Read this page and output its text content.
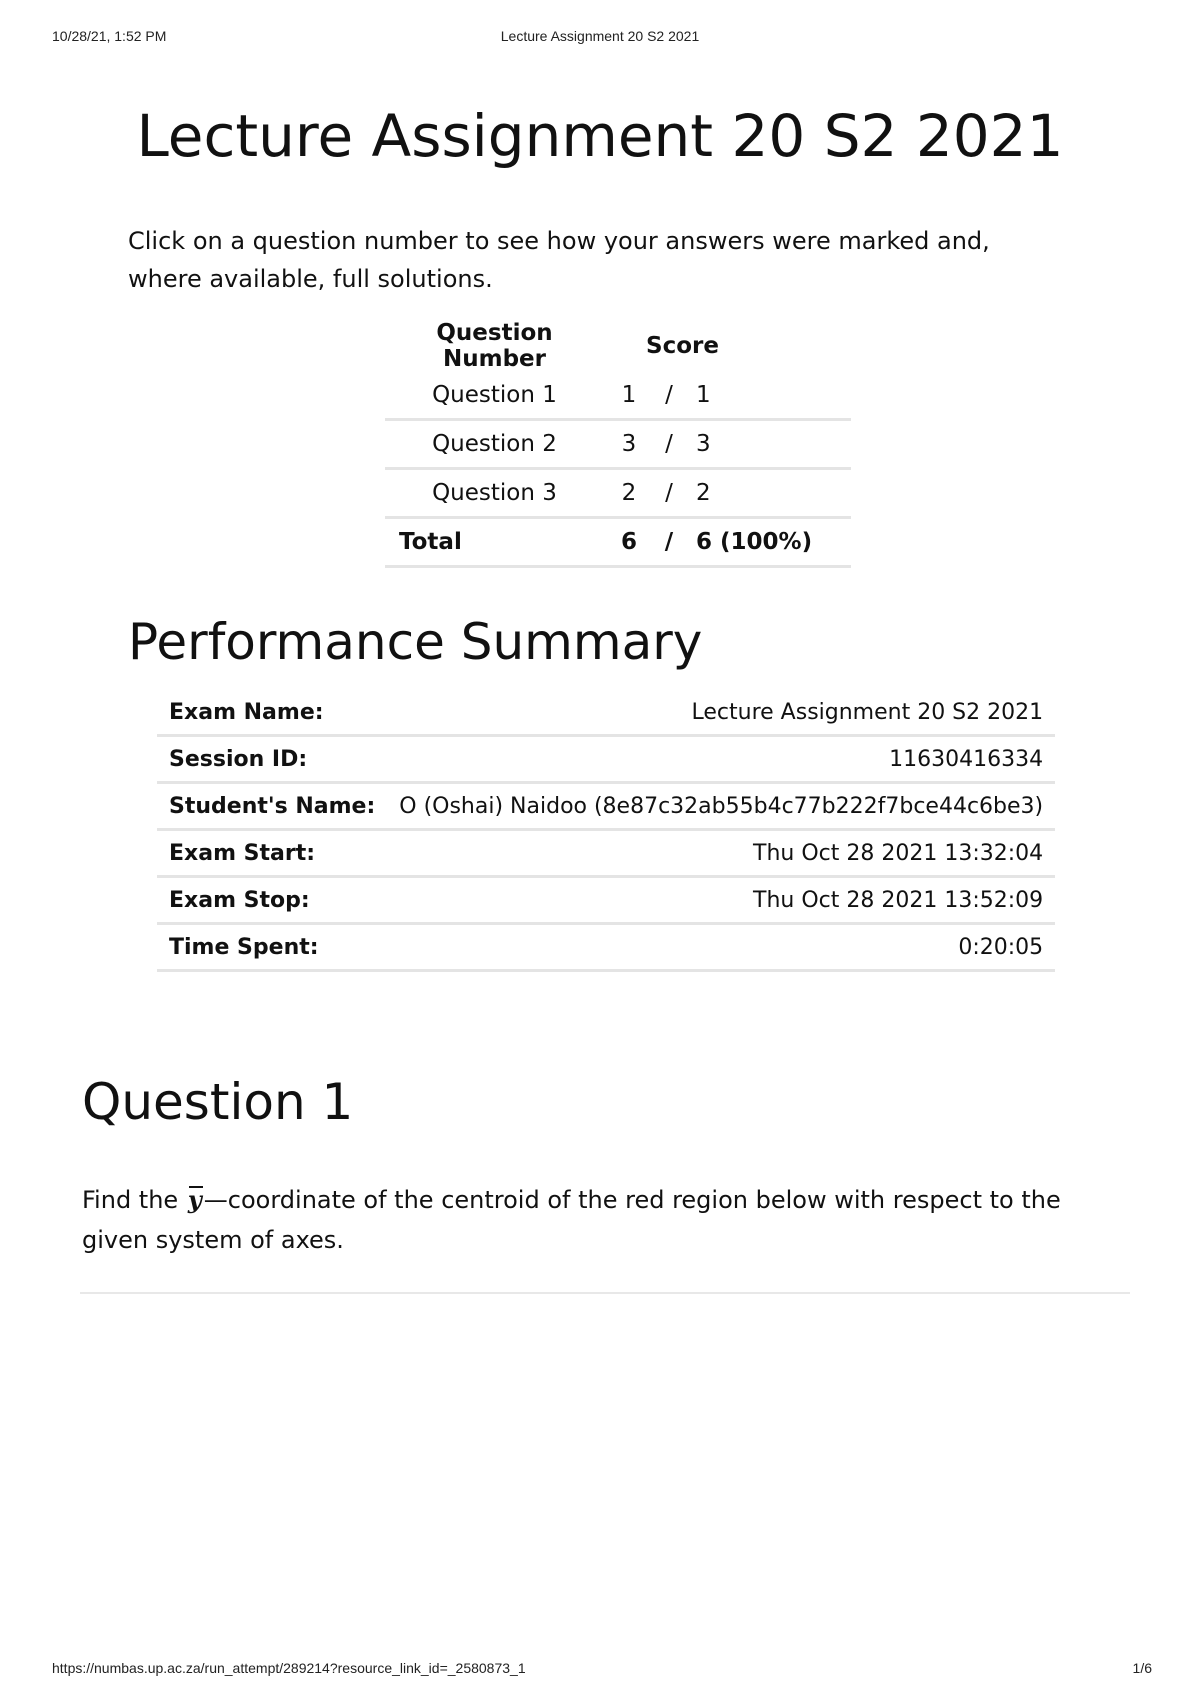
10/28/21, 1:52 PM	Lecture Assignment 20 S2 2021
Lecture Assignment 20 S2 2021

Click on a question number to see how your answers were marked and, where available, full solutions.

Question Number	Score		
Question 1	1	/	1
Question 2	3	/	3
Question 3	2	/	2
Total	6	/	6 (100%)
Performance Summary
Exam Name:	Lecture Assignment 20 S2 2021
Session ID:	11630416334
Student's Name:	O (Oshai) Naidoo (8e87c32ab55b4c77b222f7bce44c6be3)
Exam Start:	Thu Oct 28 2021 13:32:04
Exam Stop:	Thu Oct 28 2021 13:52:09
Time Spent:	0:20:05
Question 1

Find the y—coordinate of the centroid of the red region below with respect to the given system of axes.

https://numbas.up.ac.za/run_attempt/289214?resource_link_id=_2580873_1	1/6
